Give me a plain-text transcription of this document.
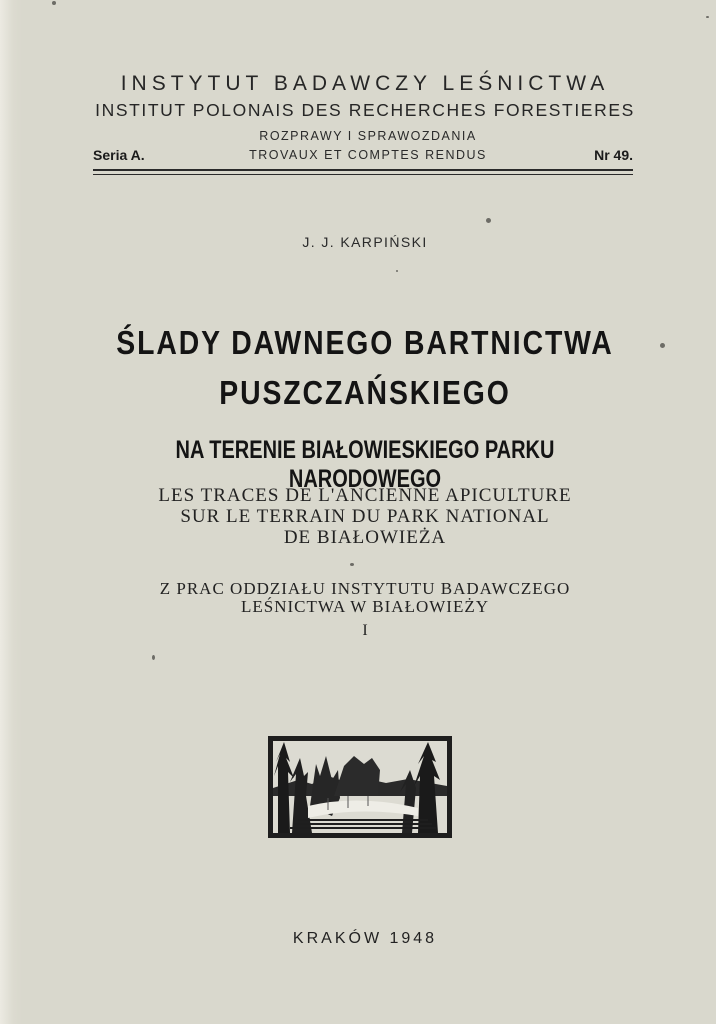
INSTYTUT BADAWCZY LEŚNICTWA
INSTITUT POLONAIS DES RECHERCHES FORESTIERES
Seria A.
ROZPRAWY I SPRAWOZDANIA
TROVAUX ET COMPTES RENDUS	Nr 49.
J. J. KARPIŃSKI
ŚLADY DAWNEGO BARTNICTWA
PUSZCZAŃSKIEGO
NA TERENIE BIAŁOWIESKIEGO PARKU NARODOWEGO
LES TRACES DE L'ANCIENNE APICULTURE
SUR LE TERRAIN DU PARK NATIONAL
DE BIAŁOWIEŻA
Z PRAC ODDZIAŁU INSTYTUTU BADAWCZEGO
LEŚNICTWA W BIAŁOWIEŻY
I
KRAKÓW 1948
